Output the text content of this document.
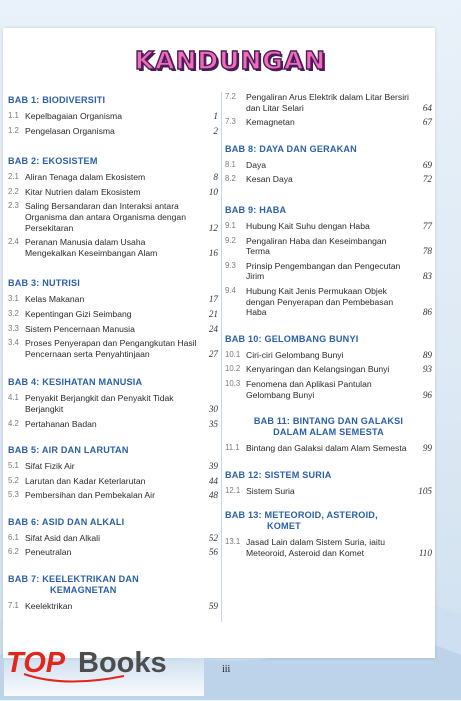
KANDUNGAN
BAB 1: BIODIVERSITI
1.1 Kepelbagaian Organisma	1
1.2 Pengelasan Organisma	2
BAB 2: EKOSISTEM
2.1 Aliran Tenaga dalam Ekosistem	8
2.2 Kitar Nutrien dalam Ekosistem	10
2.3 Saling Bersandaran dan Interaksi antara Organisma dan antara Organisma dengan Persekitaran	12
2.4 Peranan Manusia dalam Usaha Mengekalkan Keseimbangan Alam	16
BAB 3: NUTRISI
3.1 Kelas Makanan	17
3.2 Kepentingan Gizi Seimbang	21
3.3 Sistem Pencernaan Manusia	24
3.4 Proses Penyerapan dan Pengangkutan Hasil Pencernaan serta Penyahtinjaan	27
BAB 4: KESIHATAN MANUSIA
4.1 Penyakit Berjangkit dan Penyakit Tidak Berjangkit	30
4.2 Pertahanan Badan	35
BAB 5: AIR DAN LARUTAN
5.1 Sifat Fizik Air	39
5.2 Larutan dan Kadar Keterlarutan	44
5.3 Pembersihan dan Pembekalan Air	48
BAB 6: ASID DAN ALKALI
6.1 Sifat Asid dan Alkali	52
6.2 Peneutralan	56
BAB 7: KEELEKTRIKAN DAN
KEMAGNETAN
7.1 Keelektrikan	59
7.2	Pengaliran Arus Elektrik dalam Litar Bersiri dan Litar Selari	64
7.3	Kemagnetan	67
BAB 8: DAYA DAN GERAKAN
8.1	Daya	69
8.2	Kesan Daya	72
BAB 9: HABA
9.1	Hubung Kait Suhu dengan Haba	77
9.2	Pengaliran Haba dan Keseimbangan Terma	78
9.3	Prinsip Pengembangan dan Pengecutan Jirim	83
9.4	Hubung Kait Jenis Permukaan Objek dengan Penyerapan dan Pembebasan Haba	86
BAB 10: GELOMBANG BUNYI
10.1 Ciri-ciri Gelombang Bunyi	89
10.2 Kenyaringan dan Kelangsingan Bunyi	93
10.3 Fenomena dan Aplikasi Pantulan Gelombang Bunyi	96
BAB 11: BINTANG DAN GALAKSI
DALAM ALAM SEMESTA
11.1 Bintang dan Galaksi dalam Alam Semesta	99
BAB 12: SISTEM SURIA
12.1 Sistem Suria	105
BAB 13: METEOROID, ASTEROID,
KOMET
13.1 Jasad Lain dalam Sistem Suria, iaitu Meteoroid, Asteroid dan Komet	110
iii
TOP Books
